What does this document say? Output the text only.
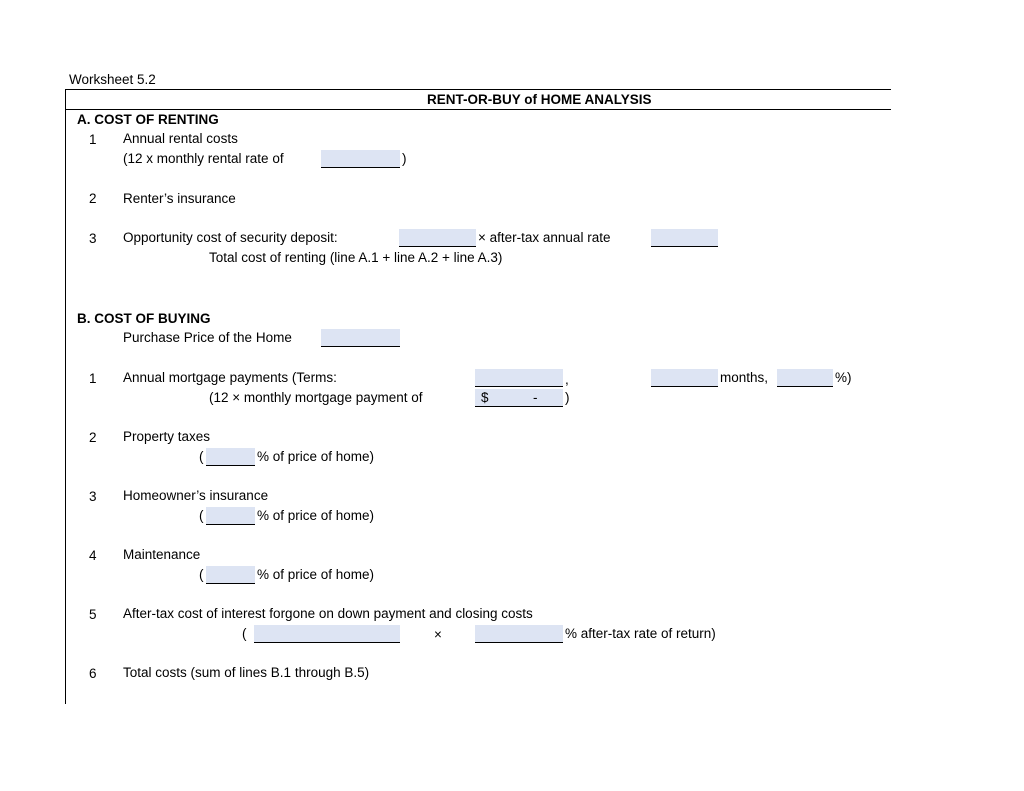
Worksheet 5.2
RENT-OR-BUY of HOME ANALYSIS
A. COST OF RENTING
1 Annual rental costs
(12 x monthly rental rate of	)
2 Renter’s insurance
3 Opportunity cost of security deposit:	× after-tax annual rate
Total cost of renting (line A.1 + line A.2 + line A.3)
B. COST OF BUYING
Purchase Price of the Home
1 Annual mortgage payments (Terms:	,	months,	%)
(12 × monthly mortgage payment of	$	- )
2 Property taxes
(	% of price of home)
3 Homeowner’s insurance
(	% of price of home)
4 Maintenance
(	% of price of home)
5 After-tax cost of interest forgone on down payment and closing costs
(	×	% after-tax rate of return)
6 Total costs (sum of lines B.1 through B.5)
